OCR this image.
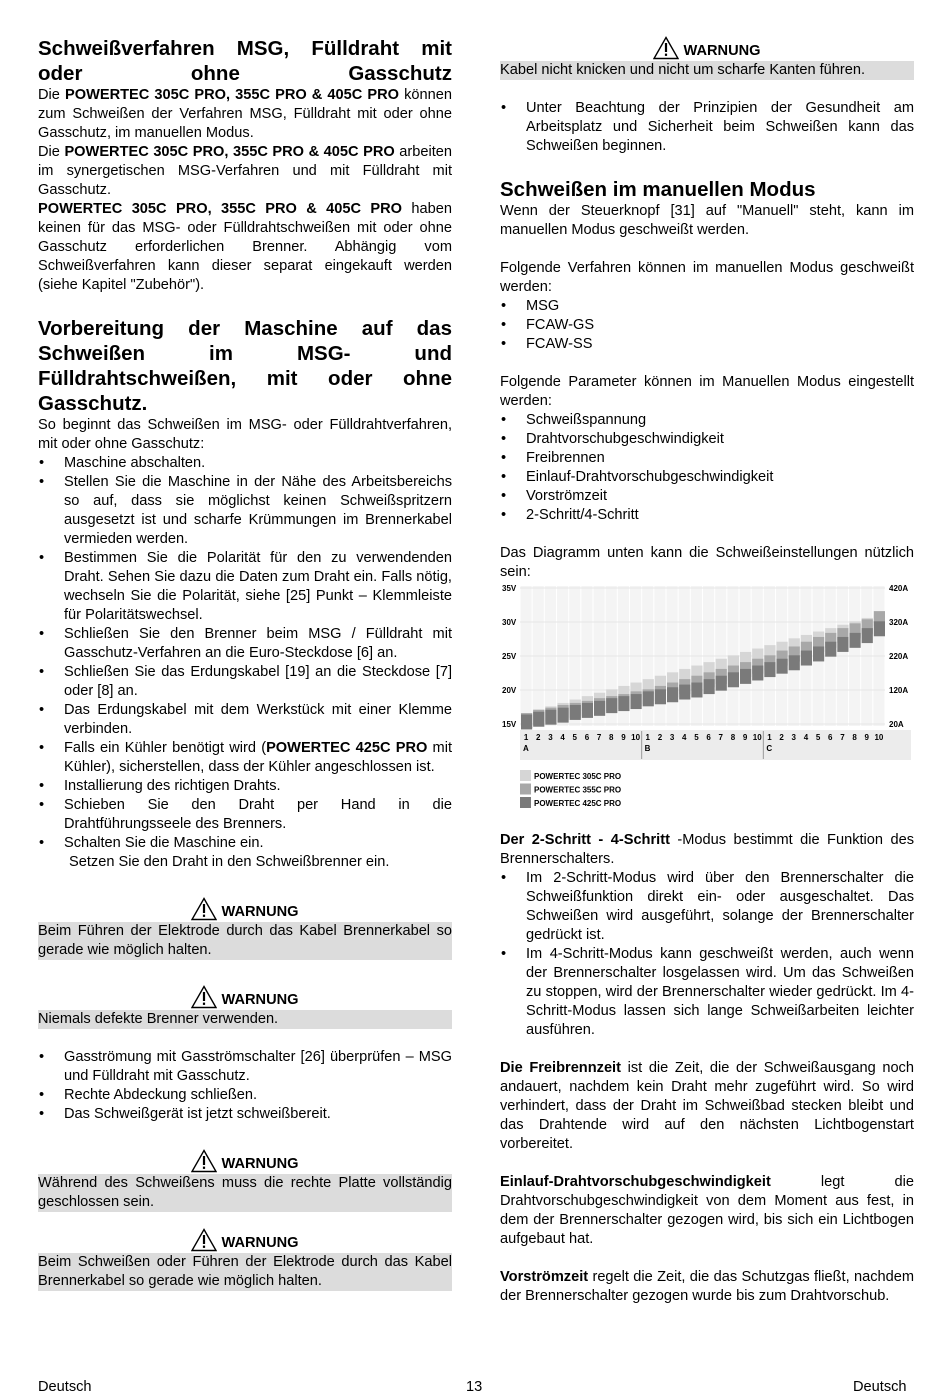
Schweißverfahren MSG, Fülldraht mit oder ohne Gasschutz

Die POWERTEC 305C PRO, 355C PRO & 405C PRO können zum Schweißen der Verfahren MSG, Fülldraht mit oder ohne Gasschutz, im manuellen Modus.

Die POWERTEC 305C PRO, 355C PRO & 405C PRO arbeiten im synergetischen MSG-Verfahren und mit Fülldraht mit Gasschutz.

POWERTEC 305C PRO, 355C PRO & 405C PRO haben keinen für das MSG- oder Fülldrahtschweißen mit oder ohne Gasschutz erforderlichen Brenner. Abhängig vom Schweißverfahren kann dieser separat eingekauft werden (siehe Kapitel "Zubehör").

Vorbereitung der Maschine auf das Schweißen im MSG- und Fülldrahtschweißen, mit oder ohne Gasschutz.

So beginnt das Schweißen im MSG- oder Fülldrahtverfahren, mit oder ohne Gasschutz:

• Maschine abschalten.
• Stellen Sie die Maschine in der Nähe des Arbeitsbereichs so auf, dass sie möglichst keinen Schweißspritzern ausgesetzt ist und scharfe Krümmungen im Brennerkabel vermieden werden.
• Bestimmen Sie die Polarität für den zu verwendenden Draht. Sehen Sie dazu die Daten zum Draht ein. Falls nötig, wechseln Sie die Polarität, siehe [25] Punkt – Klemmleiste für Polaritätswechsel.
• Schließen Sie den Brenner beim MSG / Fülldraht mit Gasschutz-Verfahren an die Euro-Steckdose [6] an.
• Schließen Sie das Erdungskabel [19] an die Steckdose [7] oder [8] an.
• Das Erdungskabel mit dem Werkstück mit einer Klemme verbinden.
• Falls ein Kühler benötigt wird (POWERTEC 425C PRO mit Kühler), sicherstellen, dass der Kühler angeschlossen ist.
• Installierung des richtigen Drahts.
• Schieben Sie den Draht per Hand in die Drahtführungsseele des Brenners.
• Schalten Sie die Maschine ein.

Setzen Sie den Draht in den Schweißbrenner ein.

WARNUNG
Beim Führen der Elektrode durch das Kabel Brennerkabel so gerade wie möglich halten.
WARNUNG
Niemals defekte Brenner verwenden.
• Gasströmung mit Gasströmschalter [26] überprüfen – MSG und Fülldraht mit Gasschutz.
• Rechte Abdeckung schließen.
• Das Schweißgerät ist jetzt schweißbereit.
WARNUNG
Während des Schweißens muss die rechte Platte vollständig geschlossen sein.
WARNUNG
Beim Schweißen oder Führen der Elektrode durch das Kabel Brennerkabel so gerade wie möglich halten.
WARNUNG
Kabel nicht knicken und nicht um scharfe Kanten führen.
• Unter Beachtung der Prinzipien der Gesundheit am Arbeitsplatz und Sicherheit beim Schweißen kann das Schweißen beginnen.
Schweißen im manuellen Modus

Wenn der Steuerknopf [31] auf "Manuell" steht, kann im manuellen Modus geschweißt werden.

Folgende Verfahren können im manuellen Modus geschweißt werden:

• MSG
• FCAW-GS
• FCAW-SS

Folgende Parameter können im Manuellen Modus eingestellt werden:

• Schweißspannung
• Drahtvorschubgeschwindigkeit
• Freibrennen
• Einlauf-Drahtvorschubgeschwindigkeit
• Vorströmzeit
• 2-Schritt/4-Schritt

Das Diagramm unten kann die Schweißeinstellungen nützlich sein:

35V
30V
25V
20V
15V
420A
320A
220A
120A
20A
1 2 3 4 5 6 7 8 9 10
A
1 2 3 4 5 6 7 8 9 10
B
1 2 3 4 5 6 7 8 9 10
C
POWERTEC 305C PRO
POWERTEC 355C PRO
POWERTEC 425C PRO

Der 2-Schritt - 4-Schritt -Modus bestimmt die Funktion des Brennerschalters.

• Im 2-Schritt-Modus wird über den Brennerschalter die Schweißfunktion direkt ein- oder ausgeschaltet. Das Schweißen wird ausgeführt, solange der Brennerschalter gedrückt ist.
• Im 4-Schritt-Modus kann geschweißt werden, auch wenn der Brennerschalter losgelassen wird. Um das Schweißen zu stoppen, wird der Brennerschalter wieder gedrückt. Im 4-Schritt-Modus lassen sich lange Schweißarbeiten leichter ausführen.

Die Freibrennzeit ist die Zeit, die der Schweißausgang noch andauert, nachdem kein Draht mehr zugeführt wird. So wird verhindert, dass der Draht im Schweißbad stecken bleibt und das Drahtende wird auf den nächsten Lichtbogenstart vorbereitet.

Einlauf-Drahtvorschubgeschwindigkeit legt die Drahtvorschubgeschwindigkeit von dem Moment aus fest, in dem der Brennerschalter gezogen wird, bis sich ein Lichtbogen aufgebaut hat.

Vorströmzeit regelt die Zeit, die das Schutzgas fließt, nachdem der Brennerschalter gezogen wurde bis zum Drahtvorschub.

Deutsch	13	Deutsch
